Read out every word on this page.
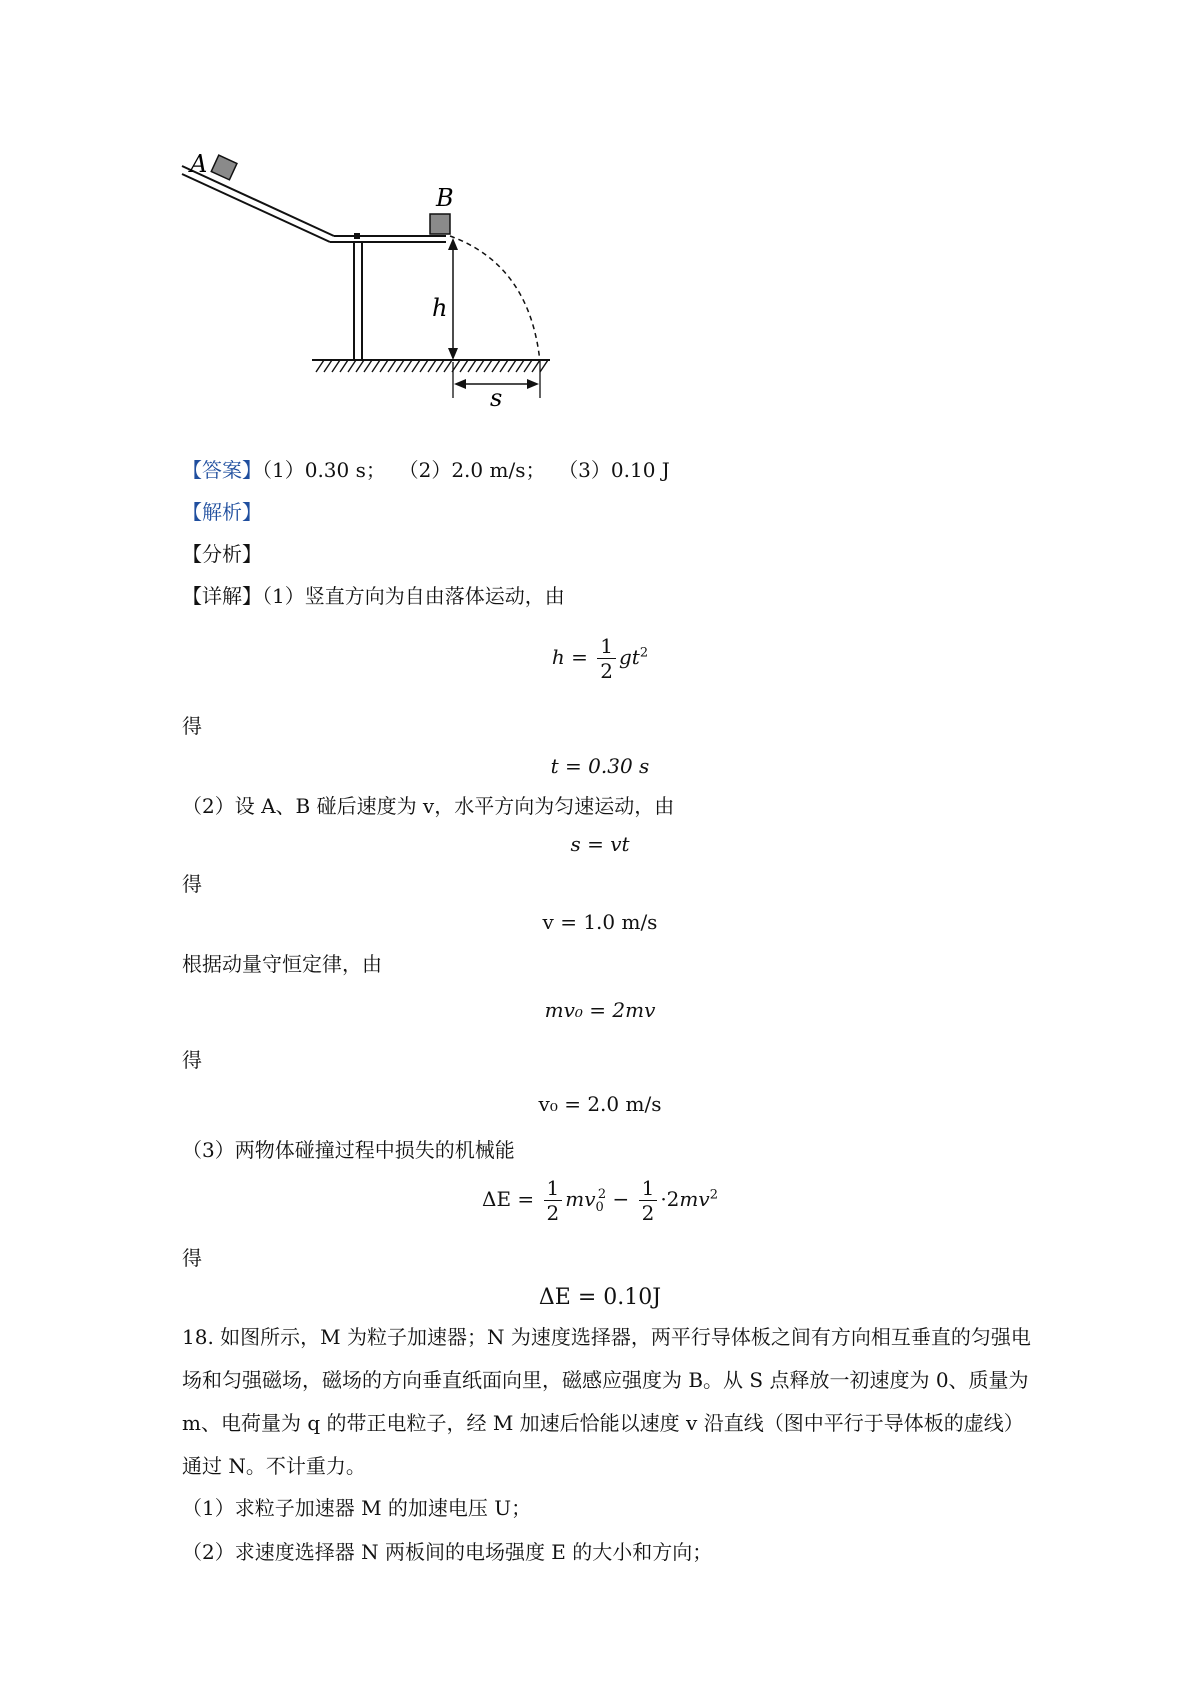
A
B
h
s
【答案】（1）0.30 s； （2）2.0 m/s； （3）0.10 J
【解析】
【分析】
【详解】（1）竖直方向为自由落体运动，由
$h = \frac{1}{2} gt^2$
得
t = 0.30 s
（2）设 A、B 碰后速度为 v，水平方向为匀速运动，由
s = vt
得
v = 1.0 m/s
根据动量守恒定律，由
mv₀ = 2mv
得
v₀ = 2.0 m/s
（3）两物体碰撞过程中损失的机械能
$\Delta E = \frac{1}{2} mv_0^2 - \frac{1}{2} \cdot 2mv^2$
得
ΔE = 0.10J
18. 如图所示，M 为粒子加速器；N 为速度选择器，两平行导体板之间有方向相互垂直的匀强电场和匀强磁场，磁场的方向垂直纸面向里，磁感应强度为 B。从 S 点释放一初速度为 0、质量为 m、电荷量为 q 的带正电粒子，经 M 加速后恰能以速度 v 沿直线（图中平行于导体板的虚线）通过 N。不计重力。
（1）求粒子加速器 M 的加速电压 U；
（2）求速度选择器 N 两板间的电场强度 E 的大小和方向；
